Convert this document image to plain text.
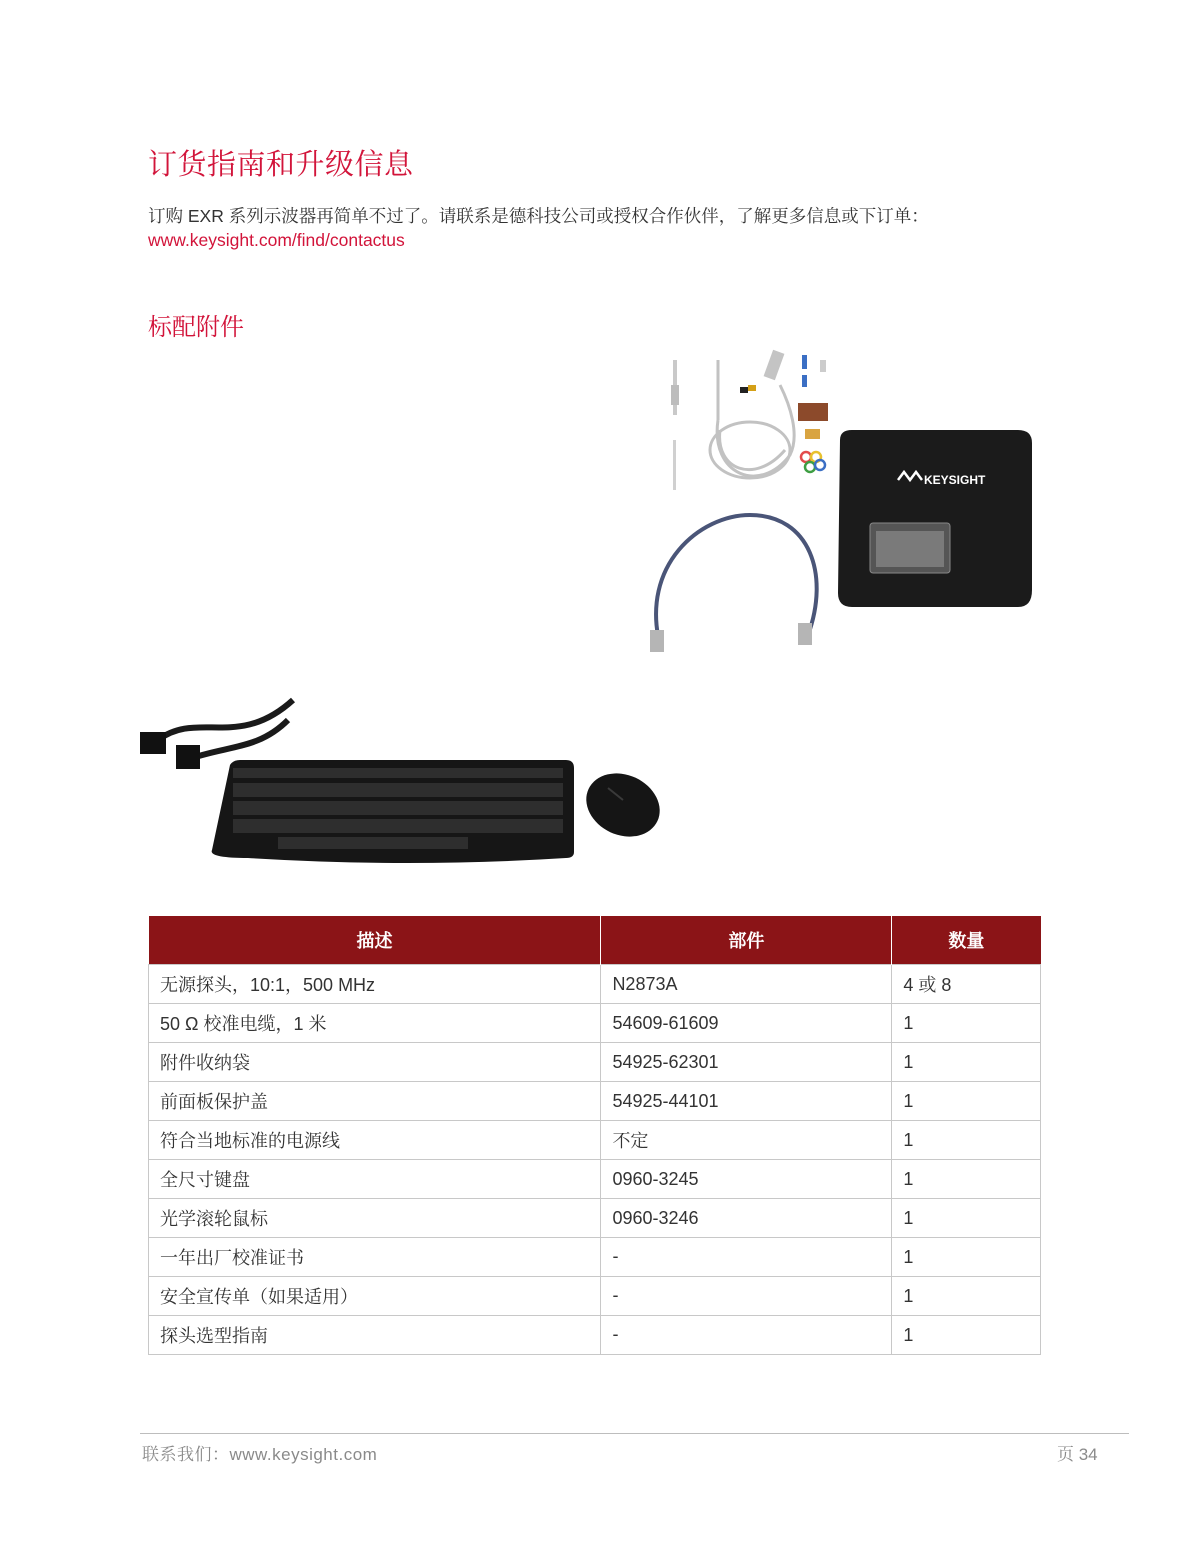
订货指南和升级信息
订购 EXR 系列示波器再简单不过了。请联系是德科技公司或授权合作伙伴，了解更多信息或下订单：
www.keysight.com/find/contactus
标配附件
KEYSIGHT
描述	部件	数量
无源探头，10:1，500 MHz	N2873A	4 或 8
50 Ω 校准电缆，1 米	54609-61609	1
附件收纳袋	54925-62301	1
前面板保护盖	54925-44101	1
符合当地标准的电源线	不定	1
全尺寸键盘	0960-3245	1
光学滚轮鼠标	0960-3246	1
一年出厂校准证书	-	1
安全宣传单（如果适用）	-	1
探头选型指南	-	1
联系我们：www.keysight.com	页 34
